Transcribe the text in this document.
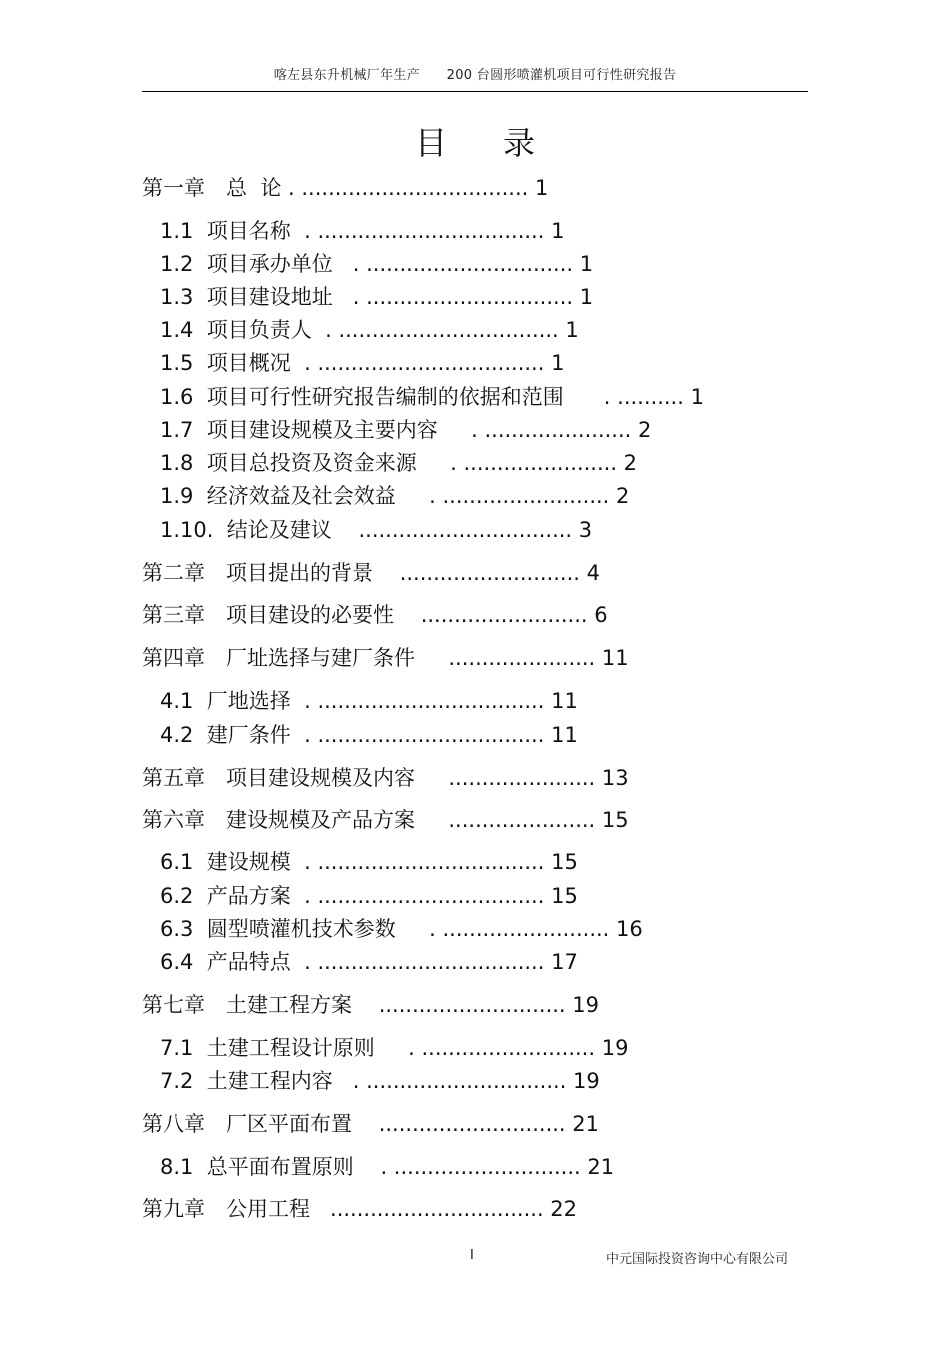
喀左县东升机械厂年生产 200 台圆形喷灌机项目可行性研究报告
目录
第一章　总  论 . .................................. 1
1.1  项目名称  . .................................. 1
1.2  项目承办单位   . ............................... 1
1.3  项目建设地址   . ............................... 1
1.4  项目负责人  . ................................. 1
1.5  项目概况  . .................................. 1
1.6  项目可行性研究报告编制的依据和范围      . .......... 1
1.7  项目建设规模及主要内容     . ...................... 2
1.8  项目总投资及资金来源     . ....................... 2
1.9  经济效益及社会效益     . ......................... 2
1.10.  结论及建议    ................................ 3
第二章　项目提出的背景    ........................... 4
第三章　项目建设的必要性    ......................... 6
第四章　厂址选择与建厂条件     ...................... 11
4.1  厂地选择  . .................................. 11
4.2  建厂条件  . .................................. 11
第五章　项目建设规模及内容     ...................... 13
第六章　建设规模及产品方案     ...................... 15
6.1  建设规模  . .................................. 15
6.2  产品方案  . .................................. 15
6.3  圆型喷灌机技术参数     . ......................... 16
6.4  产品特点  . .................................. 17
第七章　土建工程方案    ............................ 19
7.1  土建工程设计原则     . .......................... 19
7.2  土建工程内容   . .............................. 19
第八章　厂区平面布置    ............................ 21
8.1  总平面布置原则    . ............................ 21
第九章　公用工程   ................................ 22
I	中元国际投资咨询中心有限公司
